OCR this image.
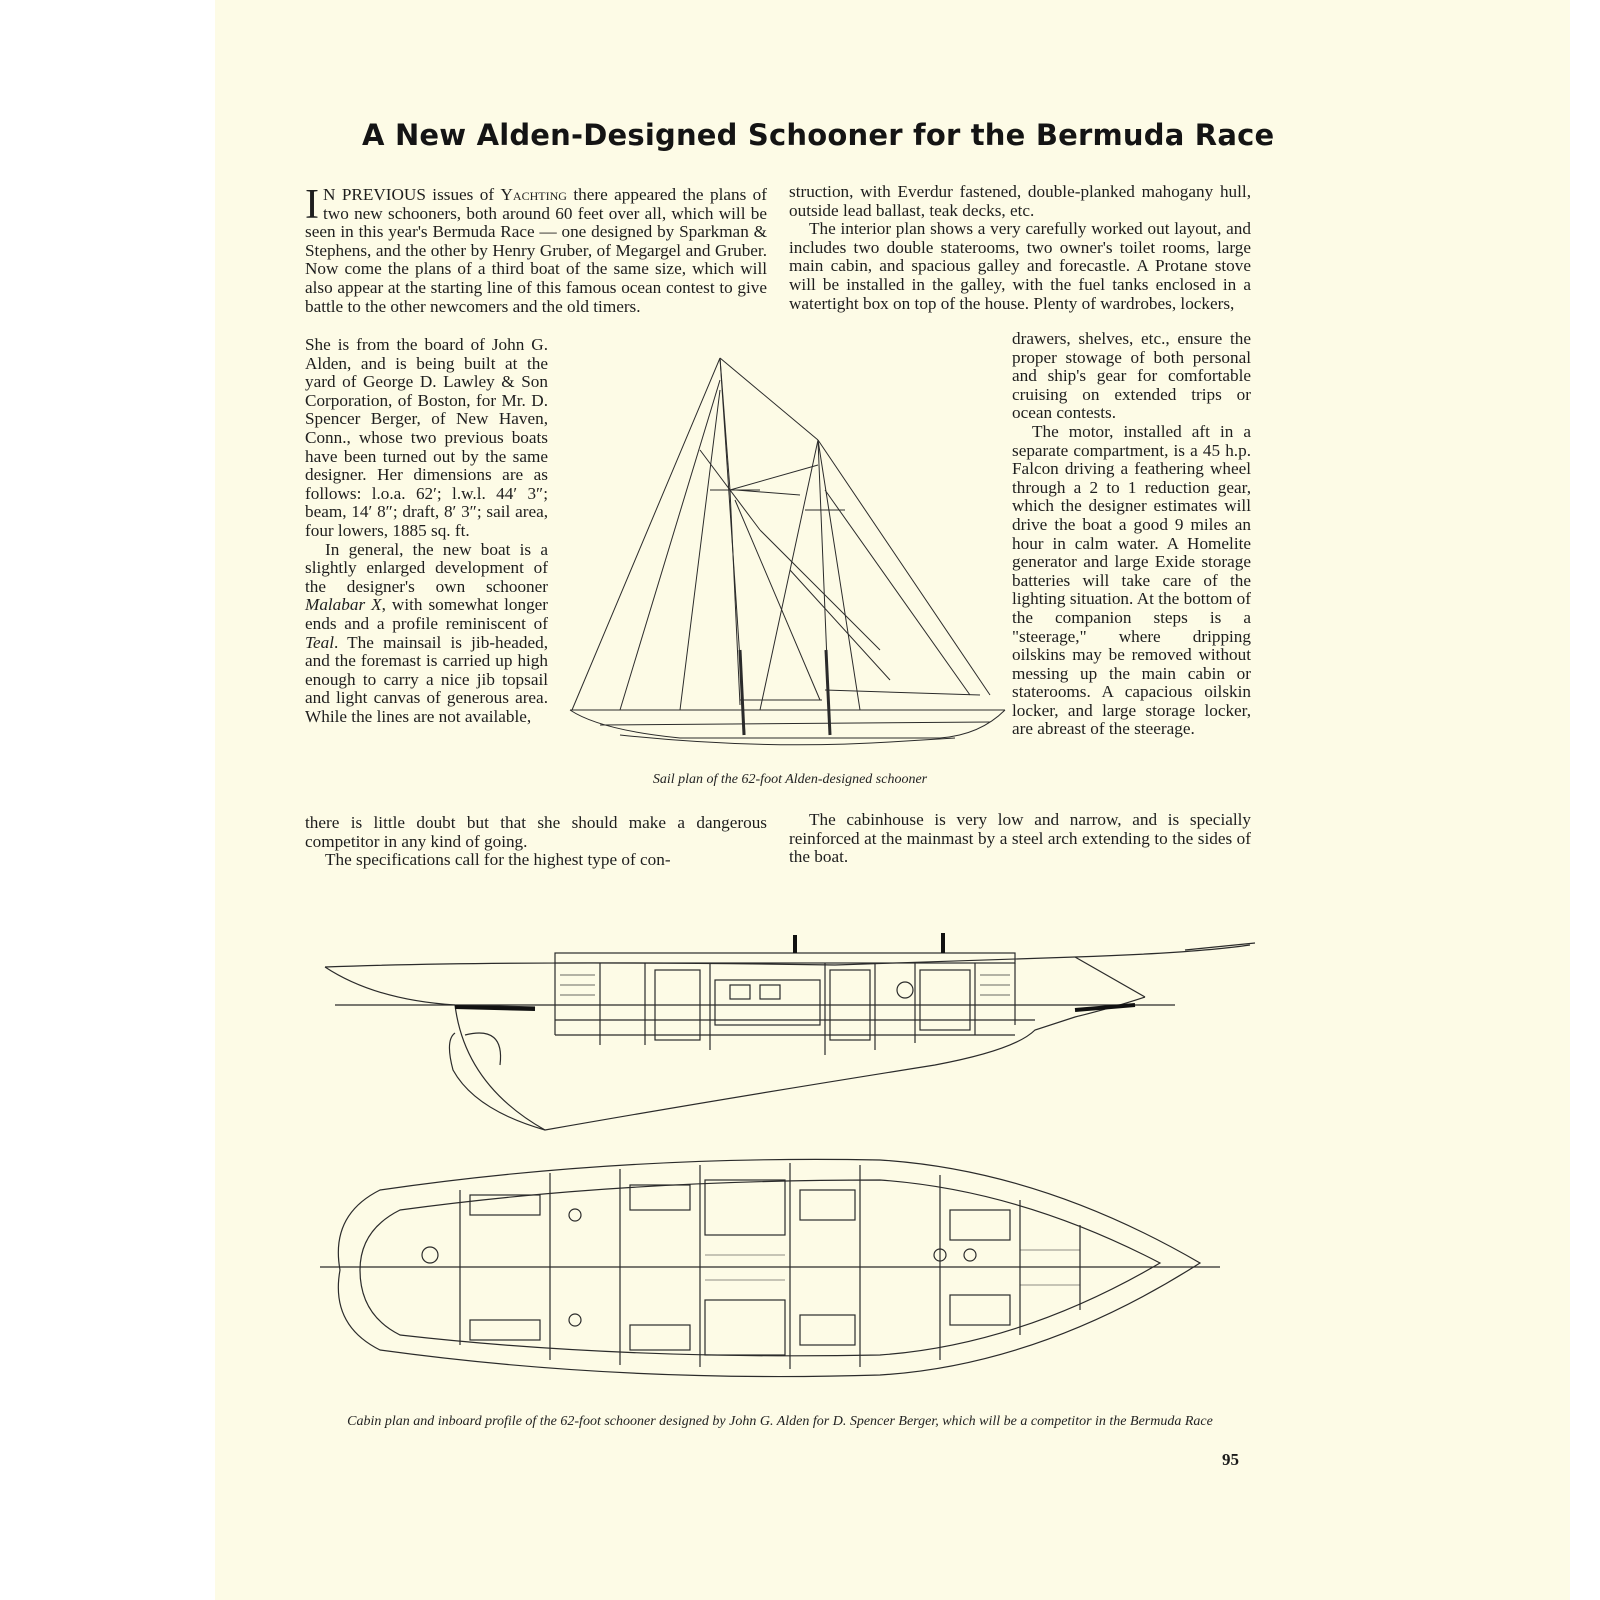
A New Alden-Designed Schooner for the Bermuda Race

I N PREVIOUS issues of Yachting there appeared the plans of two new schooners, both around 60 feet over all, which will be seen in this year's Bermuda Race — one designed by Sparkman & Stephens, and the other by Henry Gruber, of Megargel and Gruber. Now come the plans of a third boat of the same size, which will also appear at the starting line of this famous ocean contest to give battle to the other newcomers and the old timers.

She is from the board of John G. Alden, and is being built at the yard of George D. Lawley & Son Corporation, of Boston, for Mr. D. Spencer Berger, of New Haven, Conn., whose two previous boats have been turned out by the same designer. Her dimensions are as follows: l.o.a. 62′; l.w.l. 44′ 3″; beam, 14′ 8″; draft, 8′ 3″; sail area, four lowers, 1885 sq. ft.

In general, the new boat is a slightly enlarged development of the designer's own schooner Malabar X, with somewhat longer ends and a profile reminiscent of Teal. The mainsail is jib-headed, and the foremast is carried up high enough to carry a nice jib topsail and light canvas of generous area. While the lines are not available,

there is little doubt but that she should make a dangerous competitor in any kind of going.

The specifications call for the highest type of con-

struction, with Everdur fastened, double-planked mahogany hull, outside lead ballast, teak decks, etc.

The interior plan shows a very carefully worked out layout, and includes two double staterooms, two owner's toilet rooms, large main cabin, and spacious galley and forecastle. A Protane stove will be installed in the galley, with the fuel tanks enclosed in a watertight box on top of the house. Plenty of wardrobes, lockers,

drawers, shelves, etc., ensure the proper stowage of both personal and ship's gear for comfortable cruising on extended trips or ocean contests.

The motor, installed aft in a separate compartment, is a 45 h.p. Falcon driving a feathering wheel through a 2 to 1 reduction gear, which the designer estimates will drive the boat a good 9 miles an hour in calm water. A Homelite generator and large Exide storage batteries will take care of the lighting situation. At the bottom of the companion steps is a "steerage," where dripping oilskins may be removed without messing up the main cabin or staterooms. A capacious oilskin locker, and large storage locker, are abreast of the steerage.

The cabinhouse is very low and narrow, and is specially reinforced at the mainmast by a steel arch extending to the sides of the boat.

Sail plan of the 62-foot Alden-designed schooner

Cabin plan and inboard profile of the 62-foot schooner designed by John G. Alden for D. Spencer Berger, which will be a competitor in the Bermuda Race

95
